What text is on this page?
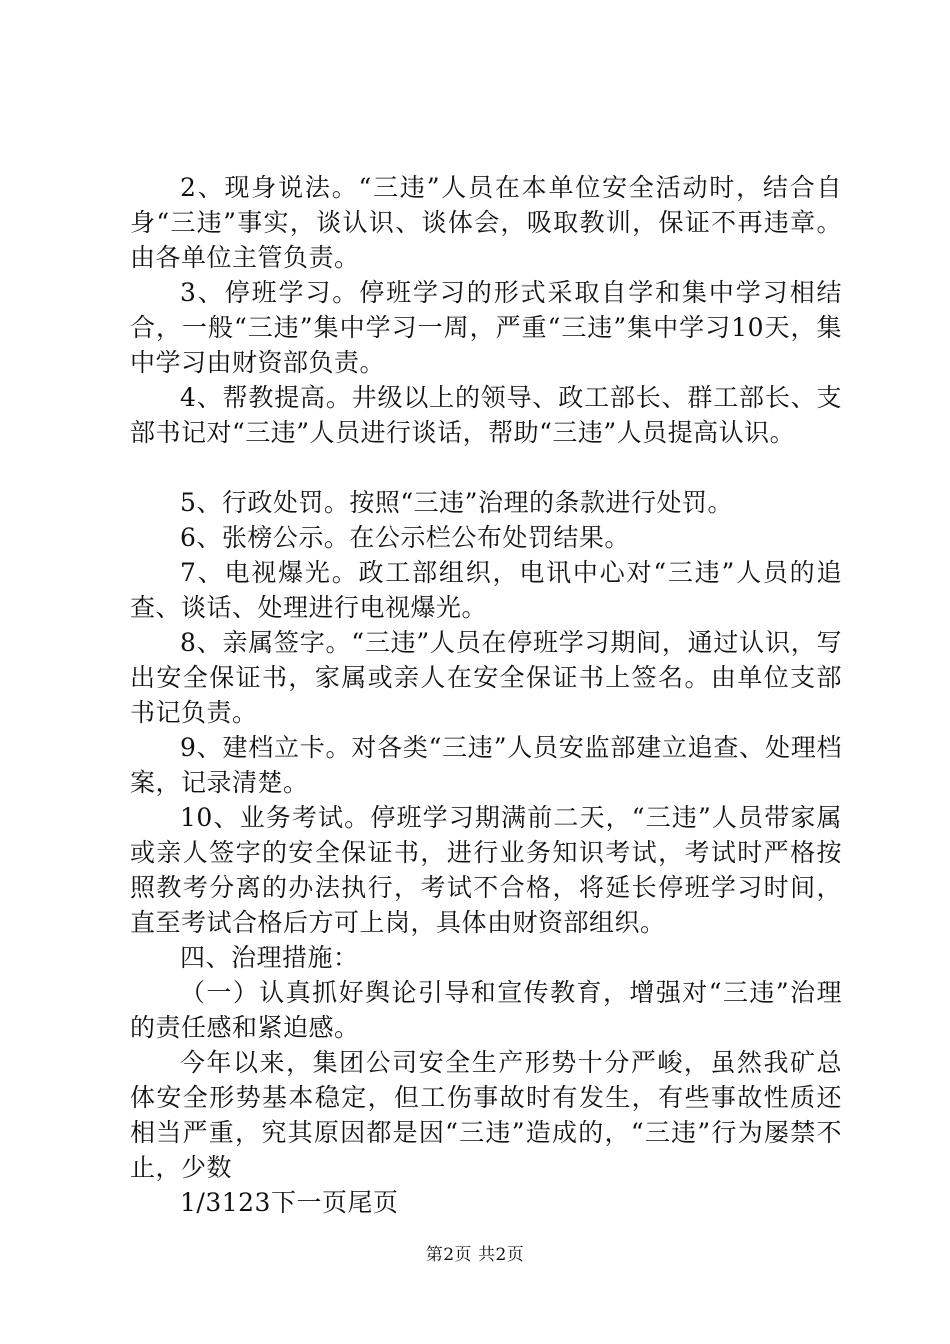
2、现身说法。“三违”人员在本单位安全活动时，结合自身“三违”事实，谈认识、谈体会，吸取教训，保证不再违章。由各单位主管负责。

3、停班学习。停班学习的形式采取自学和集中学习相结合，一般“三违”集中学习一周，严重“三违”集中学习10天，集中学习由财资部负责。

4、帮教提高。井级以上的领导、政工部长、群工部长、支部书记对“三违”人员进行谈话，帮助“三违”人员提高认识。

5、行政处罚。按照“三违”治理的条款进行处罚。

6、张榜公示。在公示栏公布处罚结果。

7、电视爆光。政工部组织，电讯中心对“三违”人员的追查、谈话、处理进行电视爆光。

8、亲属签字。“三违”人员在停班学习期间，通过认识，写出安全保证书，家属或亲人在安全保证书上签名。由单位支部书记负责。

9、建档立卡。对各类“三违”人员安监部建立追查、处理档案，记录清楚。

10、业务考试。停班学习期满前二天，“三违”人员带家属或亲人签字的安全保证书，进行业务知识考试，考试时严格按照教考分离的办法执行，考试不合格，将延长停班学习时间，直至考试合格后方可上岗，具体由财资部组织。

四、治理措施：

（一）认真抓好舆论引导和宣传教育，增强对“三违”治理的责任感和紧迫感。

今年以来，集团公司安全生产形势十分严峻，虽然我矿总体安全形势基本稳定，但工伤事故时有发生，有些事故性质还相当严重，究其原因都是因“三违”造成的，“三违”行为屡禁不止，少数

1/3123下一页尾页

第2页 共2页
